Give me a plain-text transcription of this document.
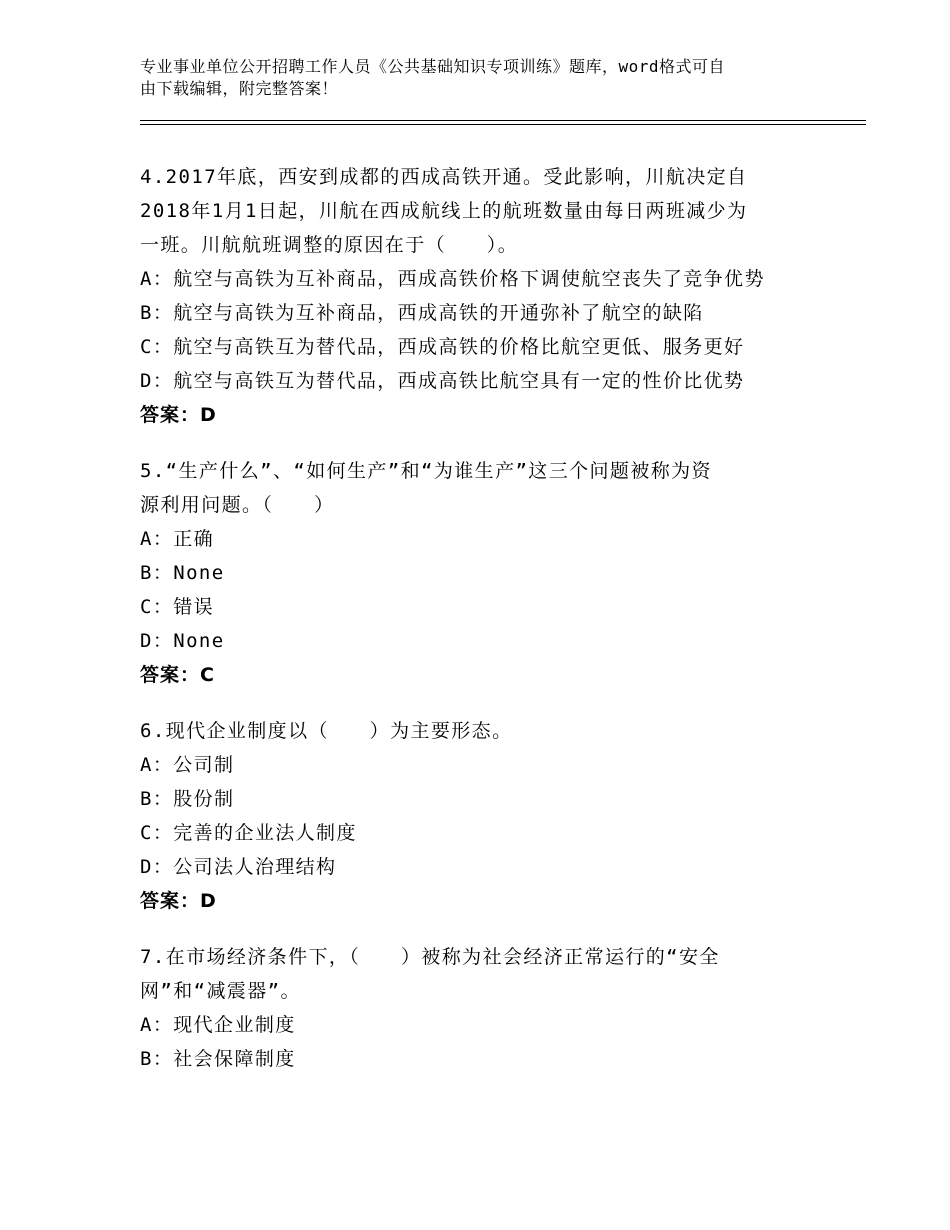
专业事业单位公开招聘工作人员《公共基础知识专项训练》题库，word格式可自
由下载编辑，附完整答案！
4.2017年底，西安到成都的西成高铁开通。受此影响，川航决定自
2018年1月1日起，川航在西成航线上的航班数量由每日两班减少为
一班。川航航班调整的原因在于（　　）。
A：航空与高铁为互补商品，西成高铁价格下调使航空丧失了竞争优势
B：航空与高铁为互补商品，西成高铁的开通弥补了航空的缺陷
C：航空与高铁互为替代品，西成高铁的价格比航空更低、服务更好
D：航空与高铁互为替代品，西成高铁比航空具有一定的性价比优势
答案：D
5.“生产什么”、“如何生产”和“为谁生产”这三个问题被称为资
源利用问题。（　　）
A：正确
B：None
C：错误
D：None
答案：C
6.现代企业制度以（　　）为主要形态。
A：公司制
B：股份制
C：完善的企业法人制度
D：公司法人治理结构
答案：D
7.在市场经济条件下，（　　）被称为社会经济正常运行的“安全
网”和“减震器”。
A：现代企业制度
B：社会保障制度
